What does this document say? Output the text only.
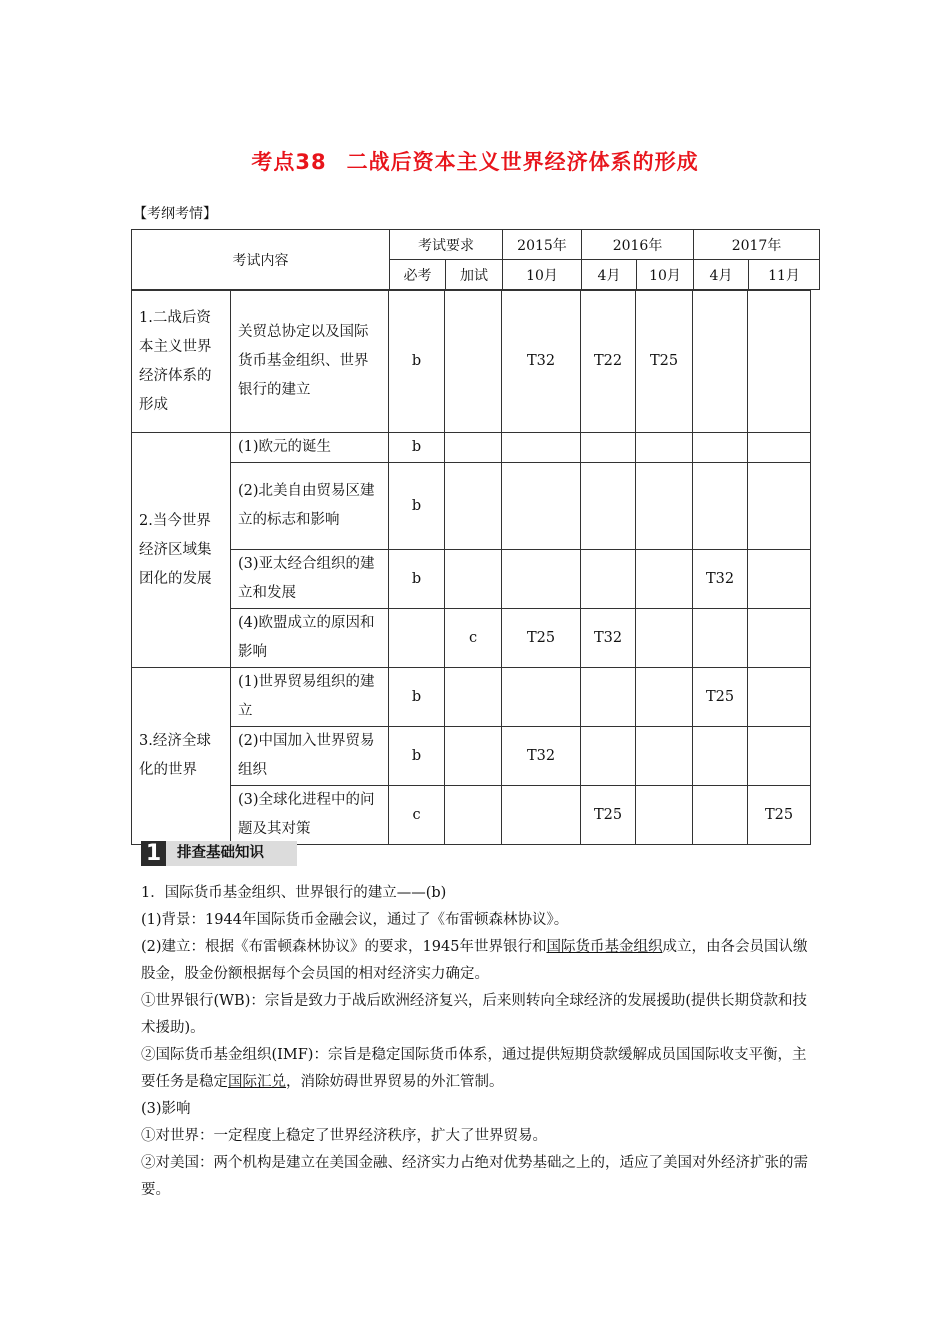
考点38 二战后资本主义世界经济体系的形成
【考纲考情】
考试内容	考试要求		2015年	2016年		2017年	
	必考	加试	10月	4月	10月	4月	11月
1.二战后资本主义世界经济体系的形成	关贸总协定以及国际货币基金组织、世界银行的建立	b		T32	T22	T25		
2.当今世界经济区域集团化的发展	(1)欧元的诞生	b						
	(2)北美自由贸易区建立的标志和影响	b						
	(3)亚太经合组织的建立和发展	b					T32	
	(4)欧盟成立的原因和影响		c	T25	T32			
3.经济全球化的世界	(1)世界贸易组织的建立	b					T25	
	(2)中国加入世界贸易组织	b		T32				
	(3)全球化进程中的问题及其对策	c			T25			T25
1	排查基础知识

1．国际货币基金组织、世界银行的建立——(b)

(1)背景：1944年国际货币金融会议，通过了《布雷顿森林协议》。

(2)建立：根据《布雷顿森林协议》的要求，1945年世界银行和国际货币基金组织成立，由各会员国认缴股金，股金份额根据每个会员国的相对经济实力确定。

①世界银行(WB)：宗旨是致力于战后欧洲经济复兴，后来则转向全球经济的发展援助(提供长期贷款和技术援助)。

②国际货币基金组织(IMF)：宗旨是稳定国际货币体系，通过提供短期贷款缓解成员国国际收支平衡，主要任务是稳定国际汇兑，消除妨碍世界贸易的外汇管制。

(3)影响

①对世界：一定程度上稳定了世界经济秩序，扩大了世界贸易。

②对美国：两个机构是建立在美国金融、经济实力占绝对优势基础之上的，适应了美国对外经济扩张的需要。
